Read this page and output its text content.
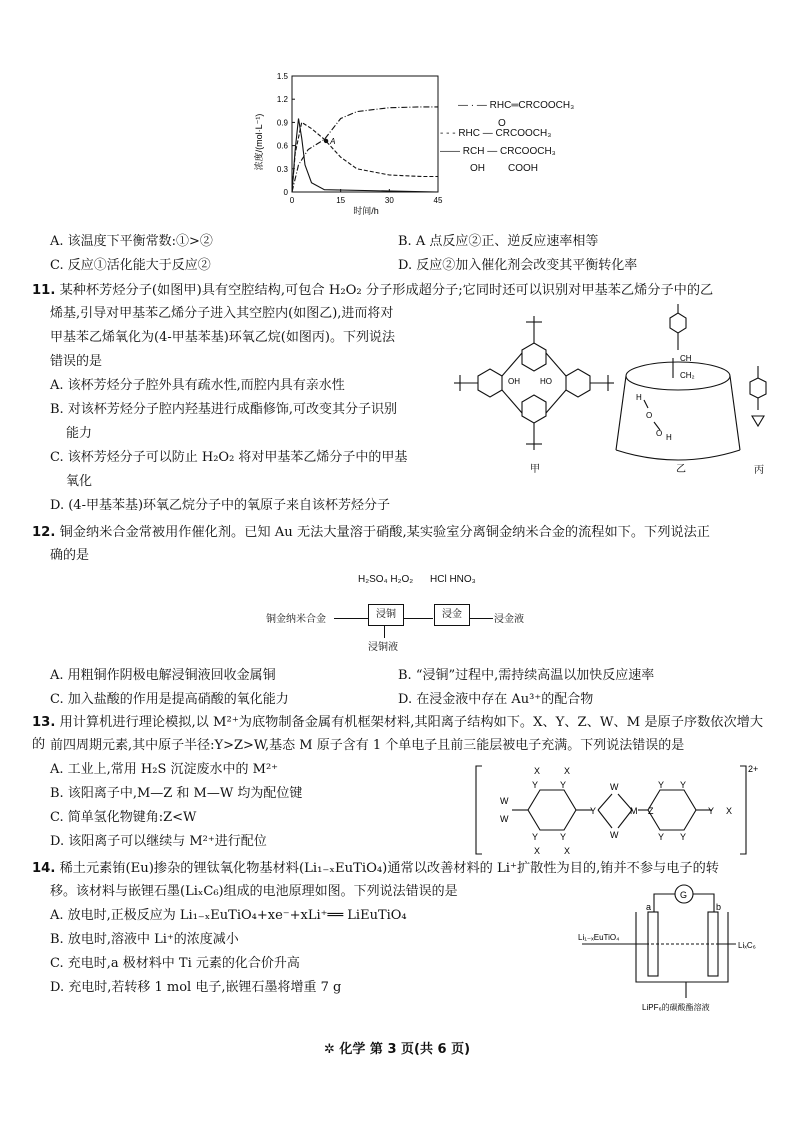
0
0.3
0.6
0.9
1.2
1.5
0	15	30	45
A
浓度/(mol·L⁻¹)
时间/h
— · — RHC═CRCOOCH₃
O
- - - RHC — CRCOOCH₃
—— RCH — CRCOOCH₃
OH COOH
A. 该温度下平衡常数:①>②	B. A 点反应②正、逆反应速率相等
C. 反应①活化能大于反应②	D. 反应②加入催化剂会改变其平衡转化率
11. 某种杯芳烃分子(如图甲)具有空腔结构,可包合 H₂O₂ 分子形成超分子;它同时还可以识别对甲基苯乙烯分子中的乙
烯基,引导对甲基苯乙烯分子进入其空腔内(如图乙),进而将对
甲基苯乙烯氧化为(4-甲基苯基)环氧乙烷(如图丙)。下列说法
错误的是
A. 该杯芳烃分子腔外具有疏水性,而腔内具有亲水性
B. 对该杯芳烃分子腔内羟基进行成酯修饰,可改变其分子识别
能力
C. 该杯芳烃分子可以防止 H₂O₂ 将对甲基苯乙烯分子中的甲基
氧化
D. (4-甲基苯基)环氧乙烷分子中的氧原子来自该杯芳烃分子
OH	HO
甲
CH
CH₂
H
O
O H
乙	丙
12. 铜金纳米合金常被用作催化剂。已知 Au 无法大量溶于硝酸,某实验室分离铜金纳米合金的流程如下。下列说法正
确的是
H₂SO₄ H₂O₂ HCl HNO₃
铜金纳米合金	浸铜	浸金	浸金液
浸铜液
A. 用粗铜作阴极电解浸铜液回收金属铜	B. “浸铜”过程中,需持续高温以加快反应速率
C. 加入盐酸的作用是提高硝酸的氧化能力	D. 在浸金液中存在 Au³⁺的配合物
13. 用计算机进行理论模拟,以 M²⁺为底物制备金属有机框架材料,其阳离子结构如下。X、Y、Z、W、M 是原子序数依次增大的 前四周期元素,其中原子半径:Y>Z>W,基态 M 原子含有 1 个单电子且前三能层被电子充满。下列说法错误的是
A. 工业上,常用 H₂S 沉淀废水中的 M²⁺
B. 该阳离子中,M—Z 和 M—W 均为配位键
C. 简单氢化物键角:Z<W
D. 该阳离子可以继续与 M²⁺进行配位
2+
W
W
Y Y
Y Y
X	X
X	X
Y
W
W
M Z
Y Y
Y Y
Y X
14. 稀土元素铕(Eu)掺杂的锂钛氧化物基材料(Li₁₋ₓEuTiO₄)通常以改善材料的 Li⁺扩散性为目的,铕并不参与电子的转
移。该材料与嵌锂石墨(LiₓC₆)组成的电池原理如图。下列说法错误的是
A. 放电时,正极反应为 Li₁₋ₓEuTiO₄+xe⁻+xLi⁺══ LiEuTiO₄
B. 放电时,溶液中 Li⁺的浓度减小
C. 充电时,a 极材料中 Ti 元素的化合价升高
D. 充电时,若转移 1 mol 电子,嵌锂石墨将增重 7 g
G
a	b
Li₁₋ₓEuTiO₄
LiₓC₆
LiPF₆的碳酸酯溶液
✲ 化学 第 3 页(共 6 页)
